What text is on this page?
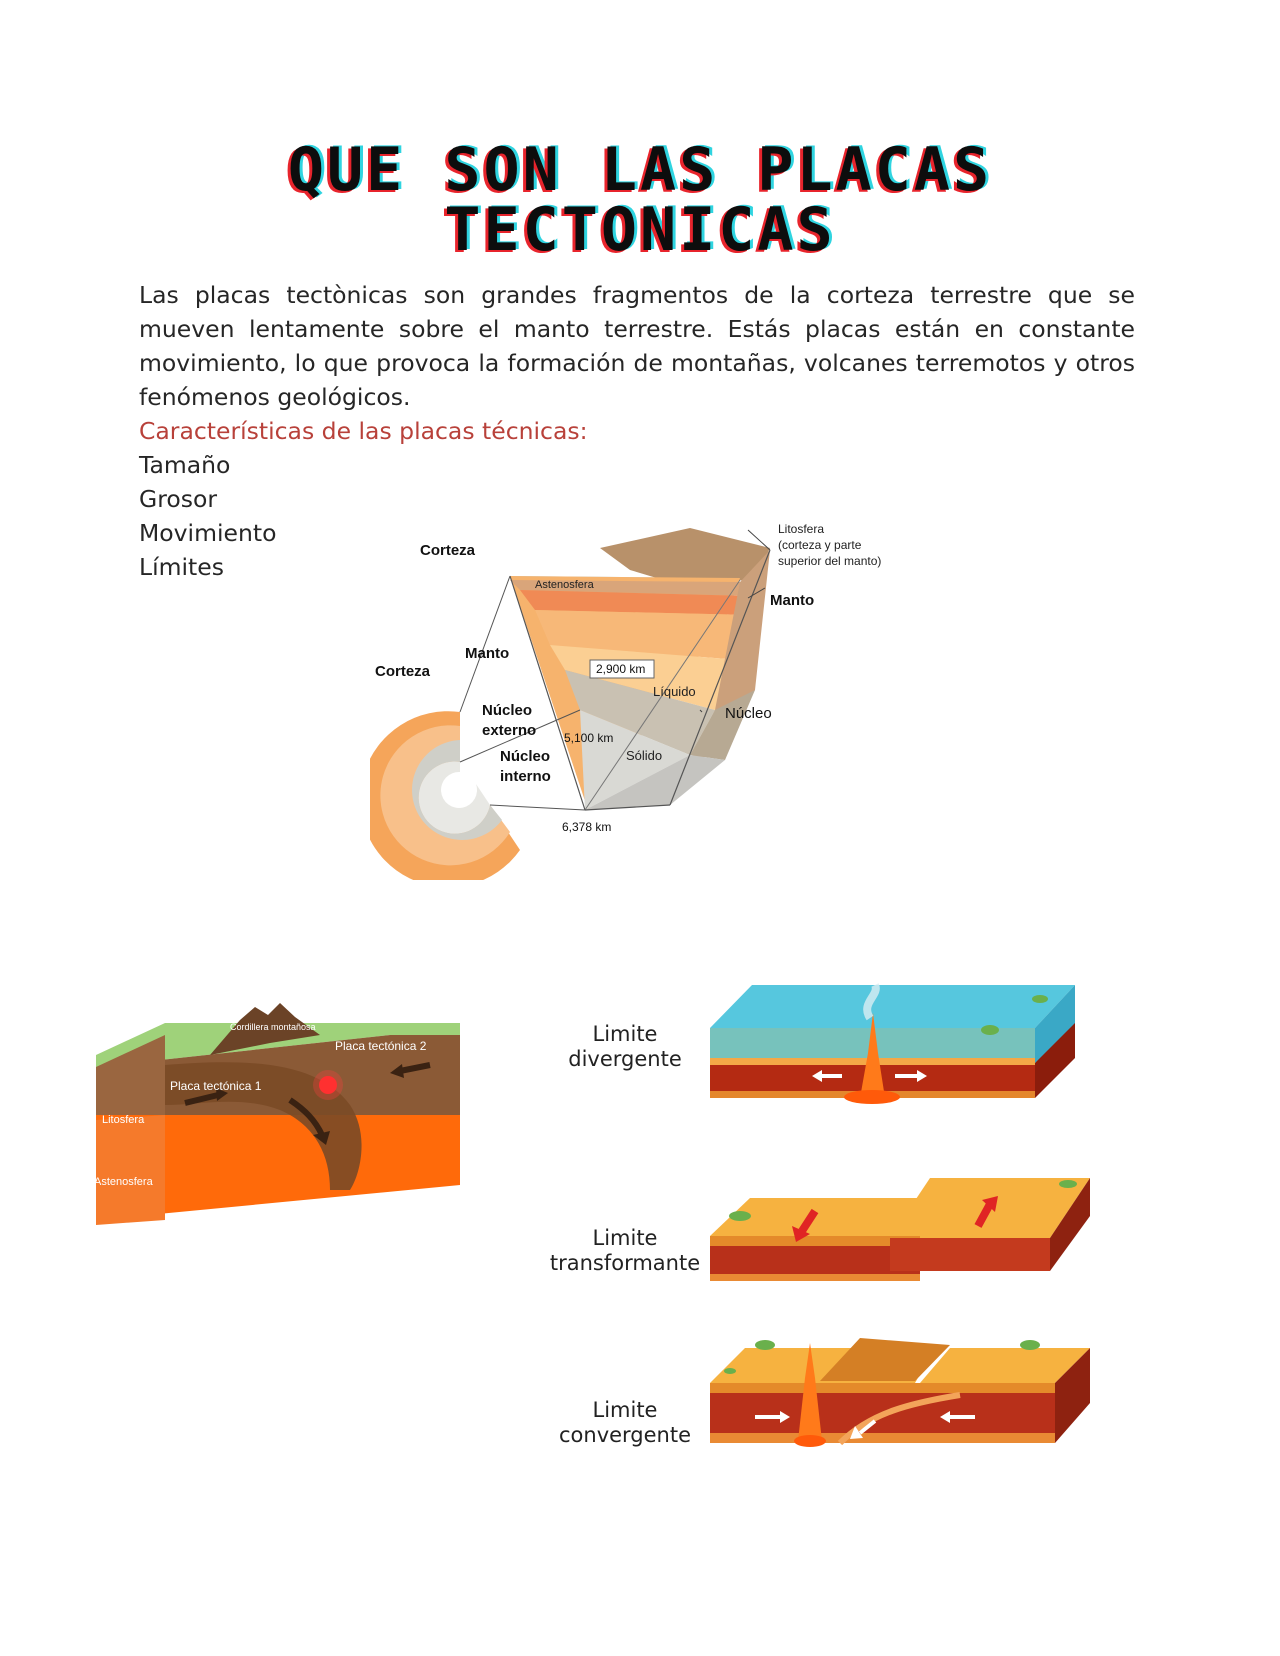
QUE SON LAS PLACAS
TECTONICAS

Las placas tectònicas son grandes fragmentos de la corteza terrestre que se mueven lentamente sobre el manto terrestre. Estás placas están en constante movimiento, lo que provoca la formación de montañas, volcanes terremotos y otros fenómenos geológicos.

Características de las placas técnicas:

Tamaño
Grosor
Movimiento
Límites
Corteza
Astenosfera
Litosfera
(corteza y parte
superior del manto)
Manto
Manto
Corteza	2,900 km
Líquido
Núcleo
externo
Núcleo
5,100 km
Núcleo
interno
Sólido
6,378 km
Cordillera montañosa
Placa tectónica 2
Placa tectónica 1
Litosfera
Astenosfera
Limite
divergente
Limite
transformante
Limite
convergente
